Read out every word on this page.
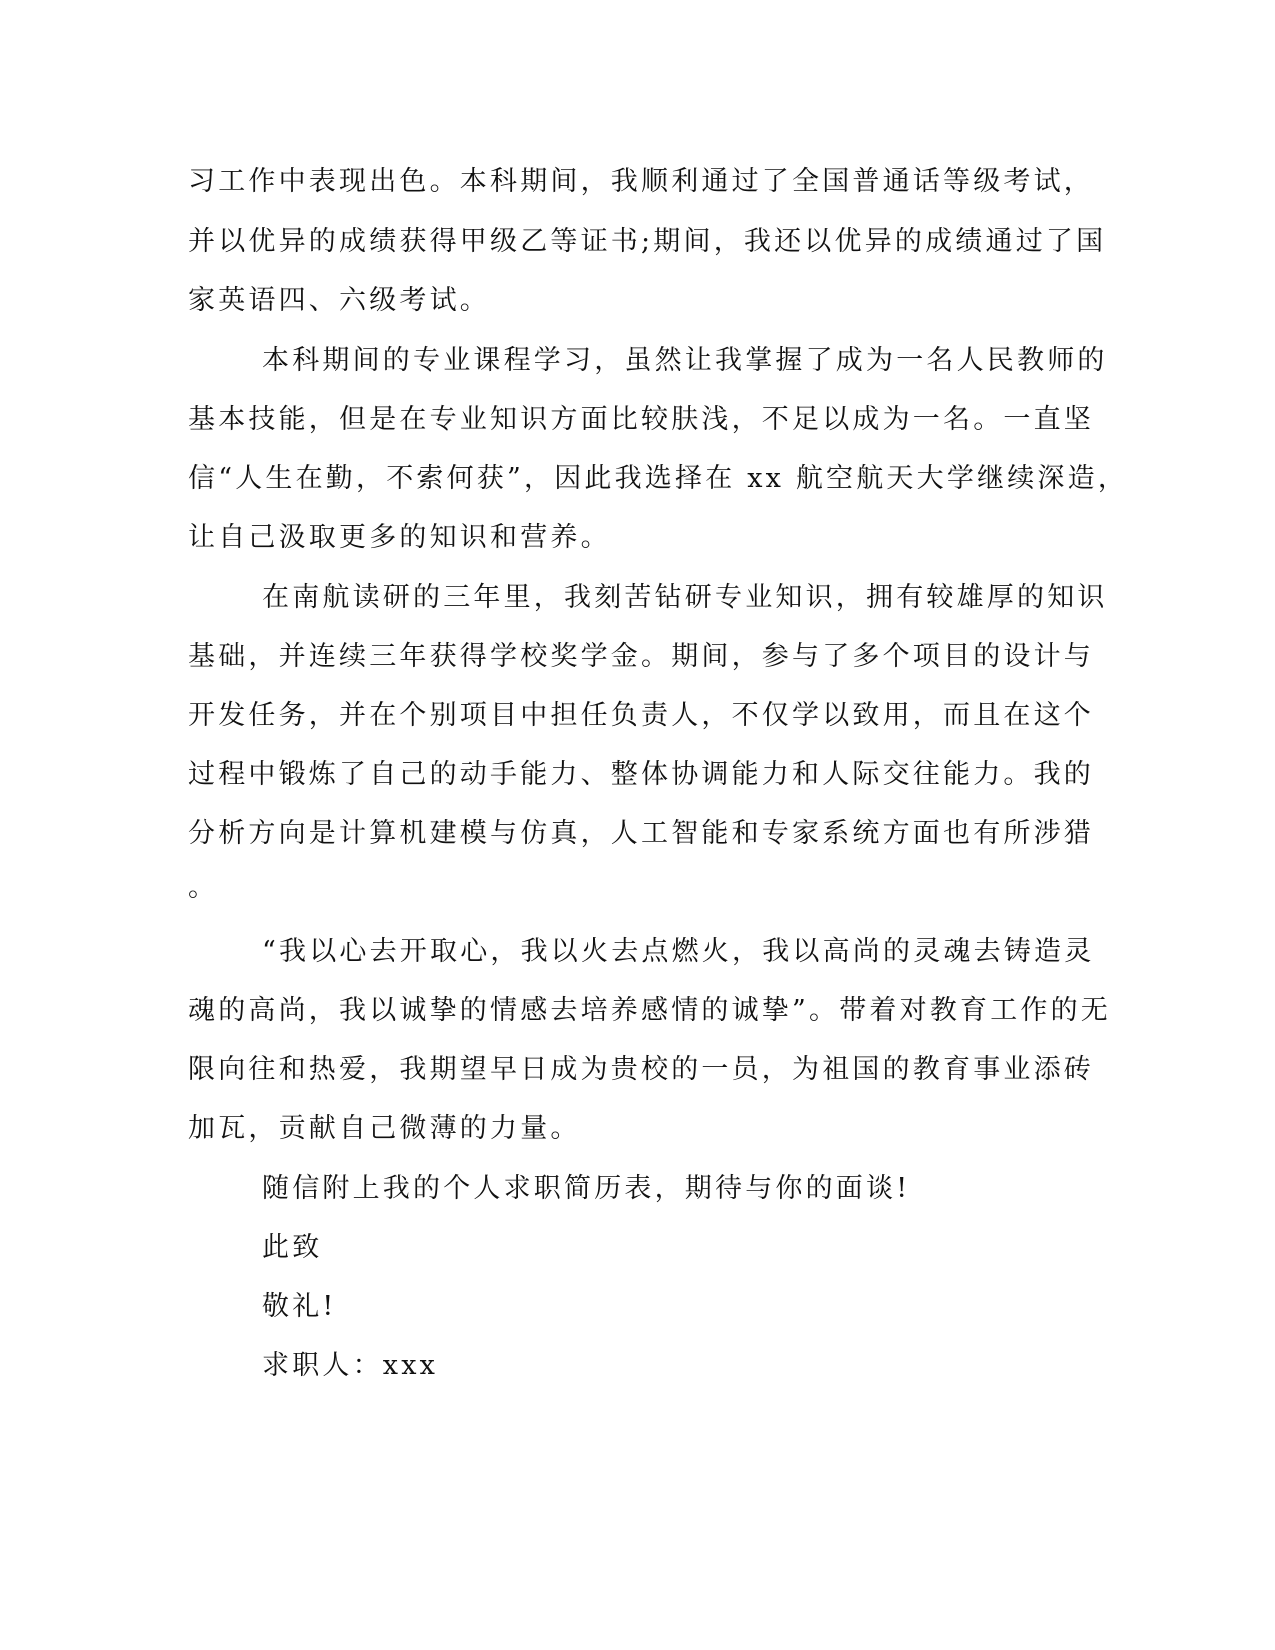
习工作中表现出色。本科期间，我顺利通过了全国普通话等级考试，

并以优异的成绩获得甲级乙等证书;期间，我还以优异的成绩通过了国

家英语四、六级考试。

本科期间的专业课程学习，虽然让我掌握了成为一名人民教师的

基本技能，但是在专业知识方面比较肤浅，不足以成为一名。一直坚

信“人生在勤，不索何获”，因此我选择在 xx 航空航天大学继续深造，

让自己汲取更多的知识和营养。

在南航读研的三年里，我刻苦钻研专业知识，拥有较雄厚的知识

基础，并连续三年获得学校奖学金。期间，参与了多个项目的设计与

开发任务，并在个别项目中担任负责人，不仅学以致用，而且在这个

过程中锻炼了自己的动手能力、整体协调能力和人际交往能力。我的

分析方向是计算机建模与仿真，人工智能和专家系统方面也有所涉猎

。

“我以心去开取心，我以火去点燃火，我以高尚的灵魂去铸造灵

魂的高尚，我以诚挚的情感去培养感情的诚挚”。带着对教育工作的无

限向往和热爱，我期望早日成为贵校的一员，为祖国的教育事业添砖

加瓦，贡献自己微薄的力量。

随信附上我的个人求职简历表，期待与你的面谈!

此致

敬礼!

求职人：xxx
